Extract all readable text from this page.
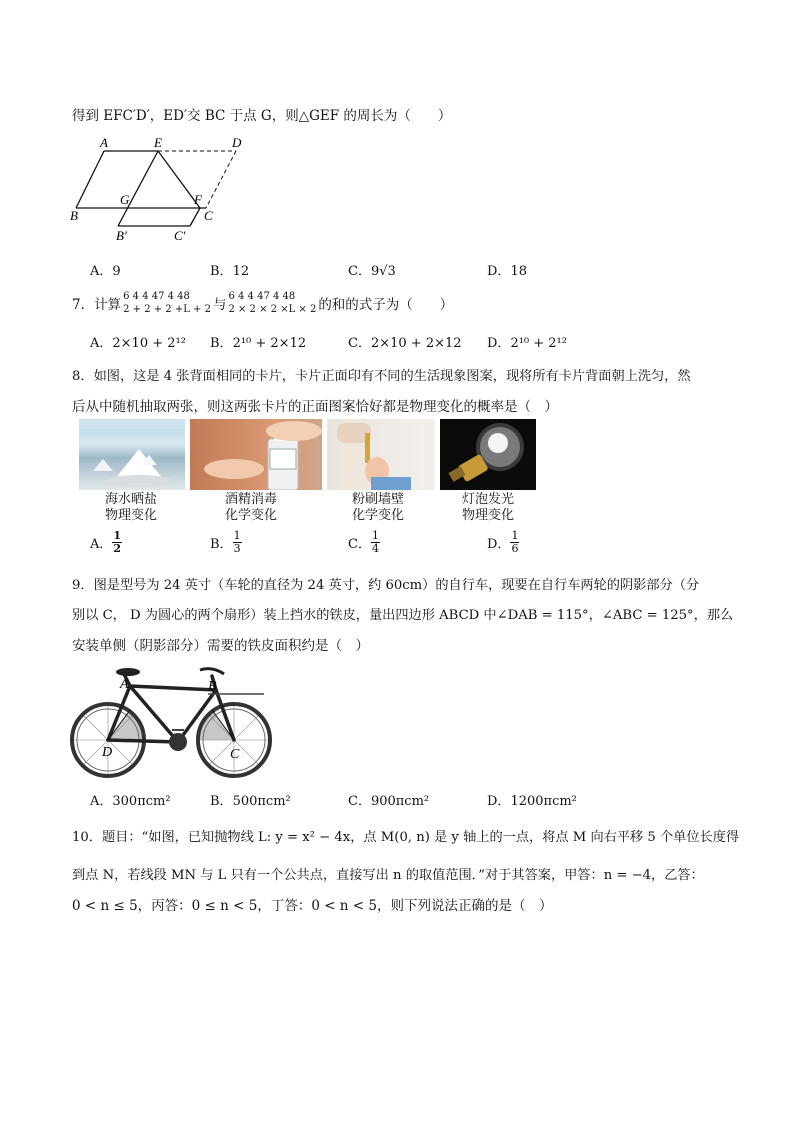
得到 EFC′D′，ED′交 BC 于点 G，则△GEF 的周长为（　　）
A	E	D
B
G	F
C
B′	C′
A．9	B．12	C．9√3	D．18
7．计算
6 4 4 47 4 48
2 + 2 + 2 +L + 2 与
6 4 4 47 4 48
2 × 2 × 2 ×L × 2 的和的式子为（　　）
A．2×10 + 2¹² B．2¹⁰ + 2×12	C．2×10 + 2×12 D．2¹⁰ + 2¹²
8．如图，这是 4 张背面相同的卡片，卡片正面印有不同的生活现象图案，现将所有卡片背面朝上洗匀，然
后从中随机抽取两张，则这两张卡片的正面图案恰好都是物理变化的概率是（　）
海水晒盐
物理变化
酒精消毒
化学变化
粉刷墙壁
化学变化
灯泡发光
物理变化
A． $\frac{1}{2}$	B． $\frac{1}{3}$	C． $\frac{1}{4}$	D． $\frac{1}{6}$
9．图是型号为 24 英寸（车轮的直径为 24 英寸，约 60cm）的自行车，现要在自行车两轮的阴影部分（分
别以 C， D 为圆心的两个扇形）装上挡水的铁皮，量出四边形 ABCD 中∠DAB = 115°，∠ABC = 125°，那么
安装单侧（阴影部分）需要的铁皮面积约是（　）
A	B
D	C
A．300πcm²	B．500πcm²	C．900πcm²	D．1200πcm²
10．题目：“如图，已知抛物线 L: y = x² − 4x，点 M(0, n) 是 y 轴上的一点，将点 M 向右平移 5 个单位长度得
到点 N，若线段 MN 与 L 只有一个公共点，直接写出 n 的取值范围．”对于其答案，甲答：n = −4，乙答：
0 < n ≤ 5，丙答：0 ≤ n < 5，丁答：0 < n < 5，则下列说法正确的是（　）
